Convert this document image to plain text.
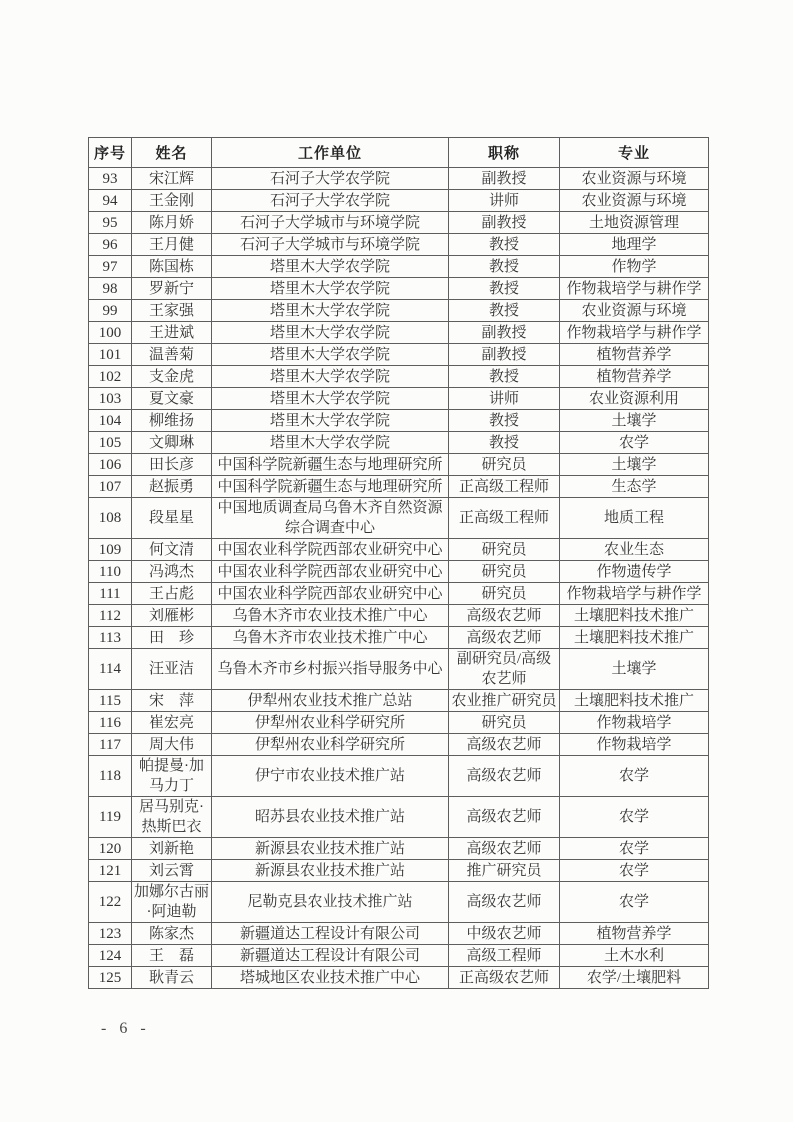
序号	姓名	工作单位	职称	专业
93	宋江辉	石河子大学农学院	副教授	农业资源与环境
94	王金刚	石河子大学农学院	讲师	农业资源与环境
95	陈月娇	石河子大学城市与环境学院	副教授	土地资源管理
96	王月健	石河子大学城市与环境学院	教授	地理学
97	陈国栋	塔里木大学农学院	教授	作物学
98	罗新宁	塔里木大学农学院	教授	作物栽培学与耕作学
99	王家强	塔里木大学农学院	教授	农业资源与环境
100	王进斌	塔里木大学农学院	副教授	作物栽培学与耕作学
101	温善菊	塔里木大学农学院	副教授	植物营养学
102	支金虎	塔里木大学农学院	教授	植物营养学
103	夏文豪	塔里木大学农学院	讲师	农业资源利用
104	柳维扬	塔里木大学农学院	教授	土壤学
105	文卿琳	塔里木大学农学院	教授	农学
106	田长彦	中国科学院新疆生态与地理研究所	研究员	土壤学
107	赵振勇	中国科学院新疆生态与地理研究所	正高级工程师	生态学
108	段星星	中国地质调查局乌鲁木齐自然资源综合调查中心	正高级工程师	地质工程
109	何文清	中国农业科学院西部农业研究中心	研究员	农业生态
110	冯鸿杰	中国农业科学院西部农业研究中心	研究员	作物遗传学
111	王占彪	中国农业科学院西部农业研究中心	研究员	作物栽培学与耕作学
112	刘雁彬	乌鲁木齐市农业技术推广中心	高级农艺师	土壤肥料技术推广
113	田　珍	乌鲁木齐市农业技术推广中心	高级农艺师	土壤肥料技术推广
114	汪亚洁	乌鲁木齐市乡村振兴指导服务中心	副研究员/高级农艺师	土壤学
115	宋　萍	伊犁州农业技术推广总站	农业推广研究员	土壤肥料技术推广
116	崔宏亮	伊犁州农业科学研究所	研究员	作物栽培学
117	周大伟	伊犁州农业科学研究所	高级农艺师	作物栽培学
118	帕提曼·加马力丁	伊宁市农业技术推广站	高级农艺师	农学
119	居马别克·热斯巴衣	昭苏县农业技术推广站	高级农艺师	农学
120	刘新艳	新源县农业技术推广站	高级农艺师	农学
121	刘云霄	新源县农业技术推广站	推广研究员	农学
122	加娜尔古丽·阿迪勒	尼勒克县农业技术推广站	高级农艺师	农学
123	陈家杰	新疆道达工程设计有限公司	中级农艺师	植物营养学
124	王　磊	新疆道达工程设计有限公司	高级工程师	土木水利
125	耿青云	塔城地区农业技术推广中心	正高级农艺师	农学/土壤肥料
- 6 -
